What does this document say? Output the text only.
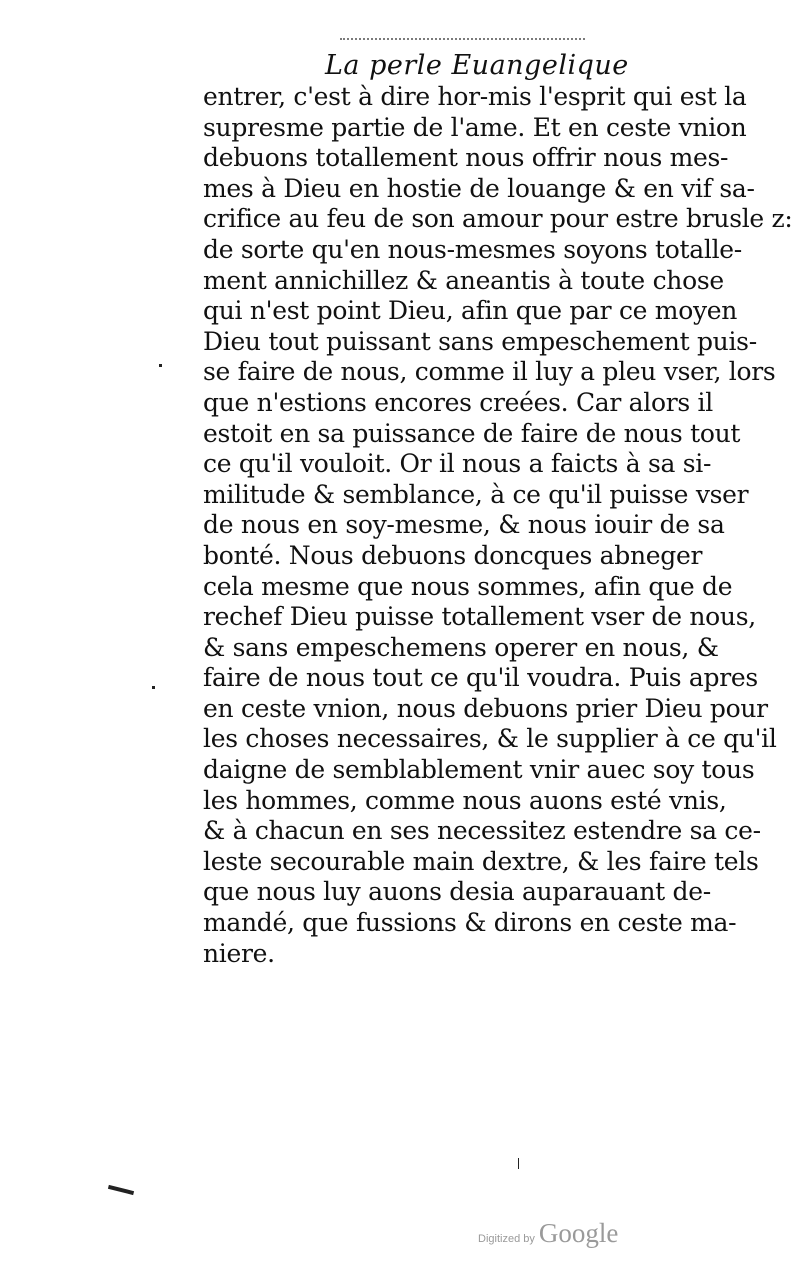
La perle Euangelique
entrer, c'est à dire hor-mis l'esprit qui est la
supresme partie de l'ame. Et en ceste vnion
debuons totallement nous offrir nous mes-
mes à Dieu en hostie de louange & en vif sa-
crifice au feu de son amour pour estre brusle z:
de sorte qu'en nous-mesmes soyons totalle-
ment annichillez & aneantis à toute chose
qui n'est point Dieu, afin que par ce moyen
Dieu tout puissant sans empeschement puis-
se faire de nous, comme il luy a pleu vser, lors
que n'estions encores creées. Car alors il
estoit en sa puissance de faire de nous tout
ce qu'il vouloit. Or il nous a faicts à sa si-
militude & semblance, à ce qu'il puisse vser
de nous en soy-mesme, & nous iouir de sa
bonté. Nous debuons doncques abneger
cela mesme que nous sommes, afin que de
rechef Dieu puisse totallement vser de nous,
& sans empeschemens operer en nous, &
faire de nous tout ce qu'il voudra. Puis apres
en ceste vnion, nous debuons prier Dieu pour
les choses necessaires, & le supplier à ce qu'il
daigne de semblablement vnir auec soy tous
les hommes, comme nous auons esté vnis,
& à chacun en ses necessitez estendre sa ce-
leste secourable main dextre, & les faire tels
que nous luy auons desia auparauant de-
mandé, que fussions & dirons en ceste ma-
niere.
Digitized by Google
